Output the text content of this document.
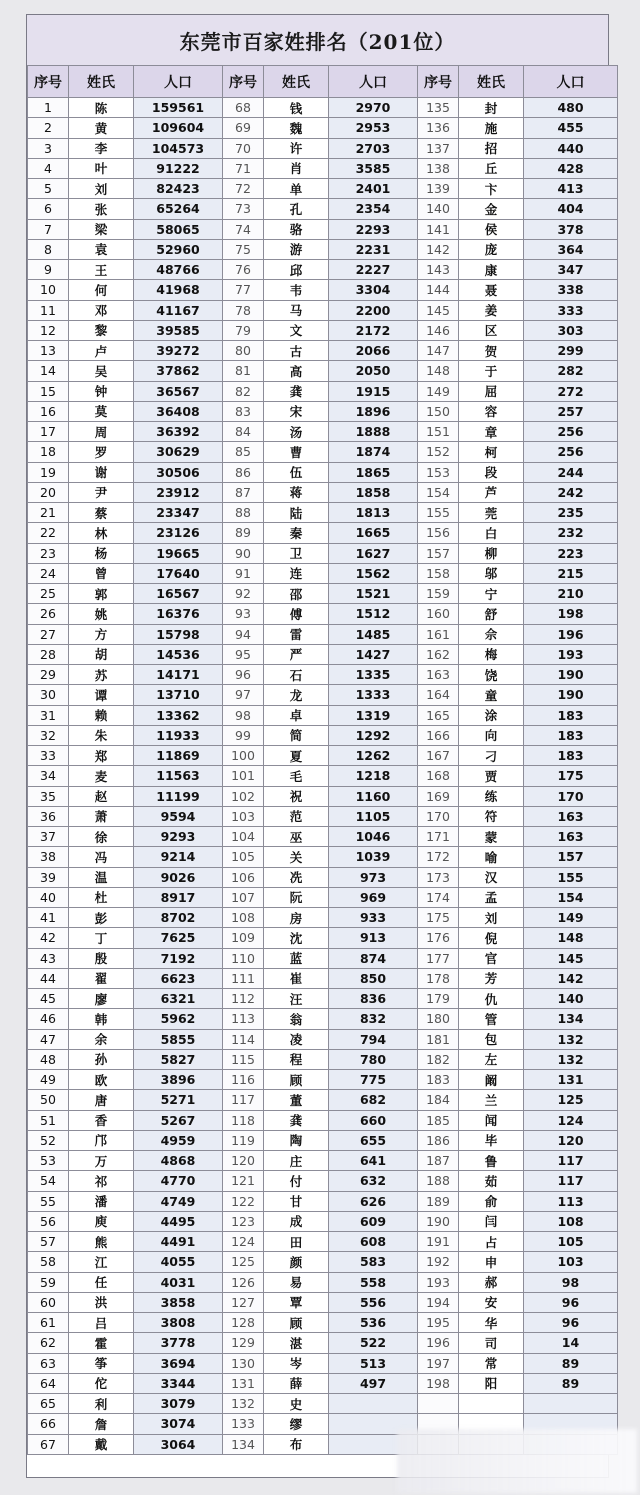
东莞市百家姓排名（201位）
序号	姓氏	人口	序号	姓氏	人口	序号	姓氏	人口
1	陈	159561	68	钱	2970	135	封	480
2	黄	109604	69	魏	2953	136	施	455
3	李	104573	70	许	2703	137	招	440
4	叶	91222	71	肖	3585	138	丘	428
5	刘	82423	72	单	2401	139	卞	413
6	张	65264	73	孔	2354	140	金	404
7	梁	58065	74	骆	2293	141	侯	378
8	袁	52960	75	游	2231	142	庞	364
9	王	48766	76	邱	2227	143	康	347
10	何	41968	77	韦	3304	144	聂	338
11	邓	41167	78	马	2200	145	姜	333
12	黎	39585	79	文	2172	146	区	303
13	卢	39272	80	古	2066	147	贺	299
14	吴	37862	81	高	2050	148	于	282
15	钟	36567	82	龚	1915	149	屈	272
16	莫	36408	83	宋	1896	150	容	257
17	周	36392	84	汤	1888	151	章	256
18	罗	30629	85	曹	1874	152	柯	256
19	谢	30506	86	伍	1865	153	段	244
20	尹	23912	87	蒋	1858	154	芦	242
21	蔡	23347	88	陆	1813	155	莞	235
22	林	23126	89	秦	1665	156	白	232
23	杨	19665	90	卫	1627	157	柳	223
24	曾	17640	91	连	1562	158	邬	215
25	郭	16567	92	邵	1521	159	宁	210
26	姚	16376	93	傅	1512	160	舒	198
27	方	15798	94	雷	1485	161	佘	196
28	胡	14536	95	严	1427	162	梅	193
29	苏	14171	96	石	1335	163	饶	190
30	谭	13710	97	龙	1333	164	童	190
31	赖	13362	98	卓	1319	165	涂	183
32	朱	11933	99	简	1292	166	向	183
33	郑	11869	100	夏	1262	167	刁	183
34	麦	11563	101	毛	1218	168	贾	175
35	赵	11199	102	祝	1160	169	练	170
36	萧	9594	103	范	1105	170	符	163
37	徐	9293	104	巫	1046	171	蒙	163
38	冯	9214	105	关	1039	172	喻	157
39	温	9026	106	冼	973	173	汉	155
40	杜	8917	107	阮	969	174	孟	154
41	彭	8702	108	房	933	175	刘	149
42	丁	7625	109	沈	913	176	倪	148
43	殷	7192	110	蓝	874	177	官	145
44	翟	6623	111	崔	850	178	芳	142
45	廖	6321	112	汪	836	179	仇	140
46	韩	5962	113	翁	832	180	管	134
47	余	5855	114	凌	794	181	包	132
48	孙	5827	115	程	780	182	左	132
49	欧	3896	116	顾	775	183	阚	131
50	唐	5271	117	董	682	184	兰	125
51	香	5267	118	龚	660	185	闻	124
52	邝	4959	119	陶	655	186	毕	120
53	万	4868	120	庄	641	187	鲁	117
54	祁	4770	121	付	632	188	茹	117
55	潘	4749	122	甘	626	189	俞	113
56	庾	4495	123	成	609	190	闫	108
57	熊	4491	124	田	608	191	占	105
58	江	4055	125	颜	583	192	申	103
59	任	4031	126	易	558	193	郝	98
60	洪	3858	127	覃	556	194	安	96
61	吕	3808	128	顾	536	195	华	96
62	霍	3778	129	湛	522	196	司	14
63	筝	3694	130	岑	513	197	常	89
64	佗	3344	131	薛	497	198	阳	89
65	利	3079	132	史				
66	詹	3074	133	缪				
67	戴	3064	134	布				
